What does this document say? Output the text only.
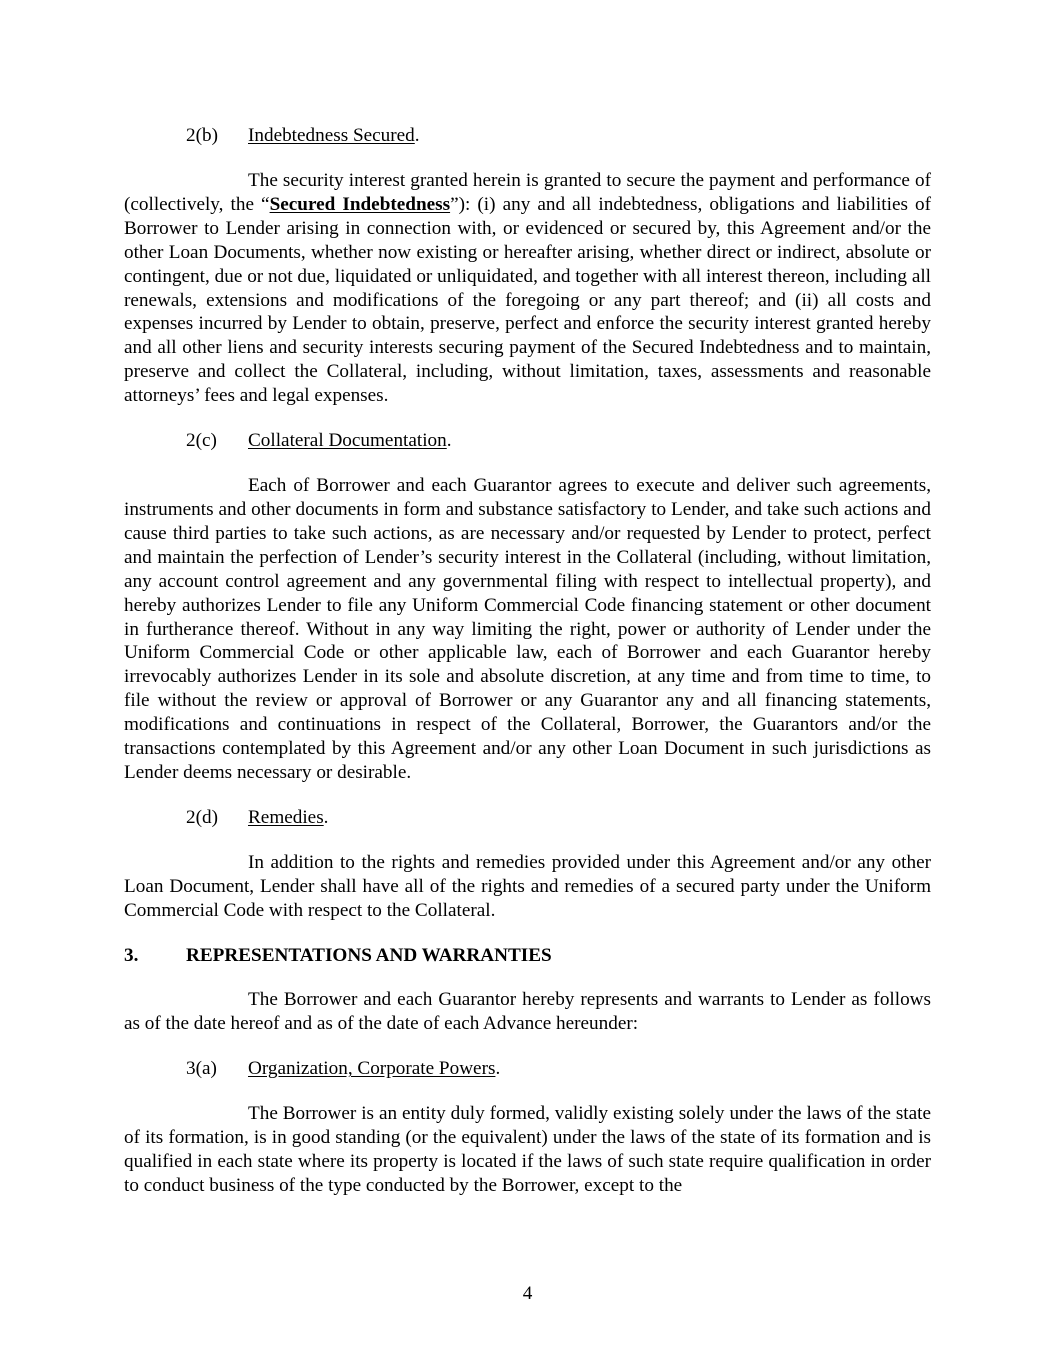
2(b)	Indebtedness Secured.

The security interest granted herein is granted to secure the payment and performance of (collectively, the “Secured Indebtedness”): (i) any and all indebtedness, obligations and liabilities of Borrower to Lender arising in connection with, or evidenced or secured by, this Agreement and/or the other Loan Documents, whether now existing or hereafter arising, whether direct or indirect, absolute or contingent, due or not due, liquidated or unliquidated, and together with all interest thereon, including all renewals, extensions and modifications of the foregoing or any part thereof; and (ii) all costs and expenses incurred by Lender to obtain, preserve, perfect and enforce the security interest granted hereby and all other liens and security interests securing payment of the Secured Indebtedness and to maintain, preserve and collect the Collateral, including, without limitation, taxes, assessments and reasonable attorneys’ fees and legal expenses.

2(c)	Collateral Documentation.

Each of Borrower and each Guarantor agrees to execute and deliver such agreements, instruments and other documents in form and substance satisfactory to Lender, and take such actions and cause third parties to take such actions, as are necessary and/or requested by Lender to protect, perfect and maintain the perfection of Lender’s security interest in the Collateral (including, without limitation, any account control agreement and any governmental filing with respect to intellectual property), and hereby authorizes Lender to file any Uniform Commercial Code financing statement or other document in furtherance thereof. Without in any way limiting the right, power or authority of Lender under the Uniform Commercial Code or other applicable law, each of Borrower and each Guarantor hereby irrevocably authorizes Lender in its sole and absolute discretion, at any time and from time to time, to file without the review or approval of Borrower or any Guarantor any and all financing statements, modifications and continuations in respect of the Collateral, Borrower, the Guarantors and/or the transactions contemplated by this Agreement and/or any other Loan Document in such jurisdictions as Lender deems necessary or desirable.

2(d)	Remedies.

In addition to the rights and remedies provided under this Agreement and/or any other Loan Document, Lender shall have all of the rights and remedies of a secured party under the Uniform Commercial Code with respect to the Collateral.

3.	REPRESENTATIONS AND WARRANTIES

The Borrower and each Guarantor hereby represents and warrants to Lender as follows as of the date hereof and as of the date of each Advance hereunder:

3(a)	Organization, Corporate Powers.

The Borrower is an entity duly formed, validly existing solely under the laws of the state of its formation, is in good standing (or the equivalent) under the laws of the state of its formation and is qualified in each state where its property is located if the laws of such state require qualification in order to conduct business of the type conducted by the Borrower, except to the

4
